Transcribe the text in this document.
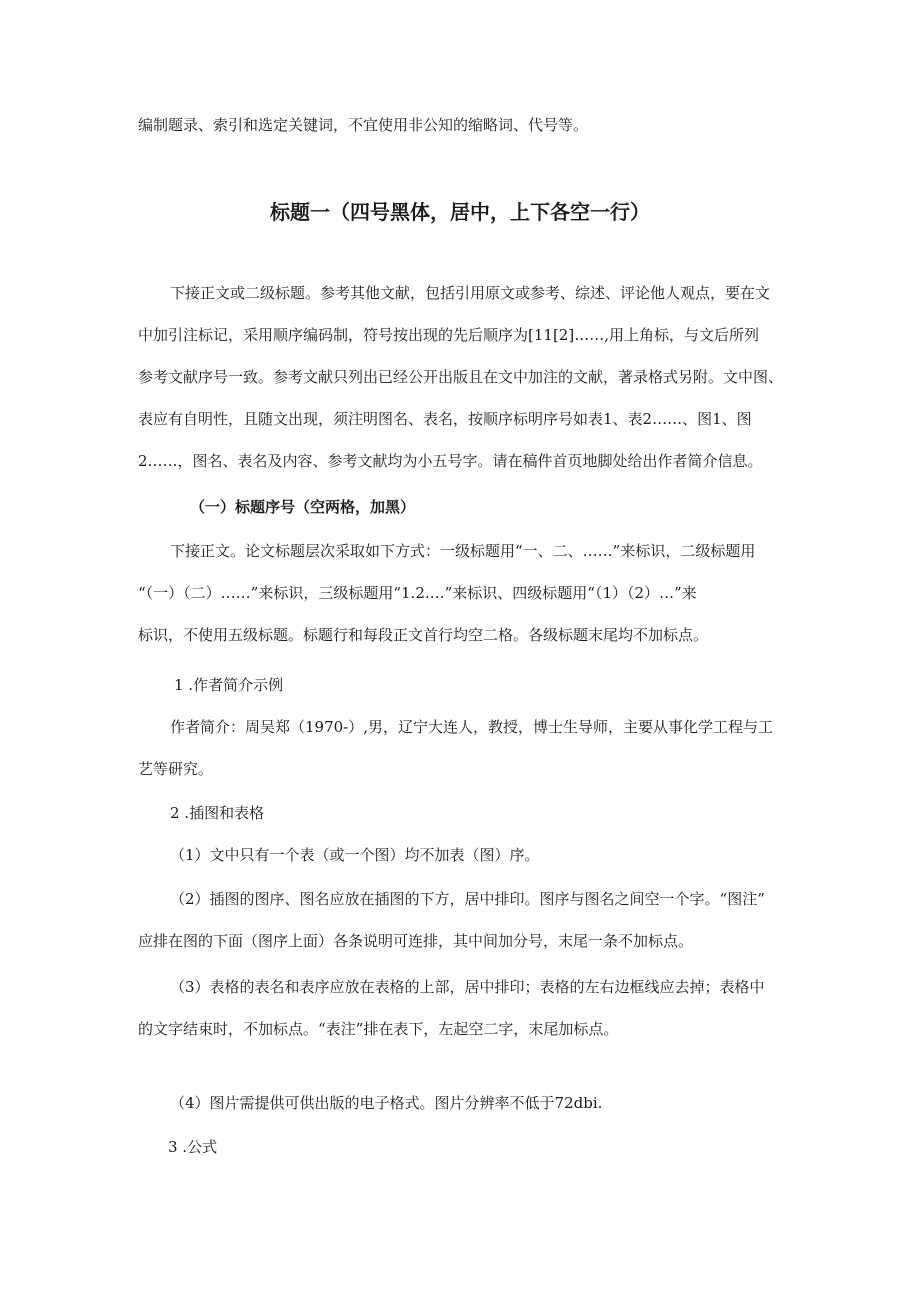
编制题录、索引和选定关键词，不宜使用非公知的缩略词、代号等。
标题一（四号黑体，居中，上下各空一行）
下接正文或二级标题。参考其他文献，包括引用原文或参考、综述、评论他人观点，要在文
中加引注标记，采用顺序编码制，符号按出现的先后顺序为[11[2]……,用上角标，与文后所列
参考文献序号一致。参考文献只列出已经公开出版且在文中加注的文献，著录格式另附。文中图、
表应有自明性，且随文出现，须注明图名、表名，按顺序标明序号如表1、表2……、图1、图
2……，图名、表名及内容、参考文献均为小五号字。请在稿件首页地脚处给出作者简介信息。
（一）标题序号（空两格，加黑）
下接正文。论文标题层次采取如下方式：一级标题用“一、二、……”来标识，二级标题用
“（一）（二）……”来标识，三级标题用“1.2.…”来标识、四级标题用“（1）（2）…”来
标识，不使用五级标题。标题行和每段正文首行均空二格。各级标题末尾均不加标点。
1 .作者简介示例
作者简介：周吴郑（1970-）,男，辽宁大连人，教授，博士生导师，主要从事化学工程与工
艺等研究。
2 .插图和表格
（1）文中只有一个表（或一个图）均不加表（图）序。
（2）插图的图序、图名应放在插图的下方，居中排印。图序与图名之间空一个字。“图注”
应排在图的下面（图序上面）各条说明可连排，其中间加分号，末尾一条不加标点。
（3）表格的表名和表序应放在表格的上部，居中排印；表格的左右边框线应去掉；表格中
的文字结束时，不加标点。“表注”排在表下，左起空二字，末尾加标点。
（4）图片需提供可供出版的电子格式。图片分辨率不低于72dbi.
3 .公式
